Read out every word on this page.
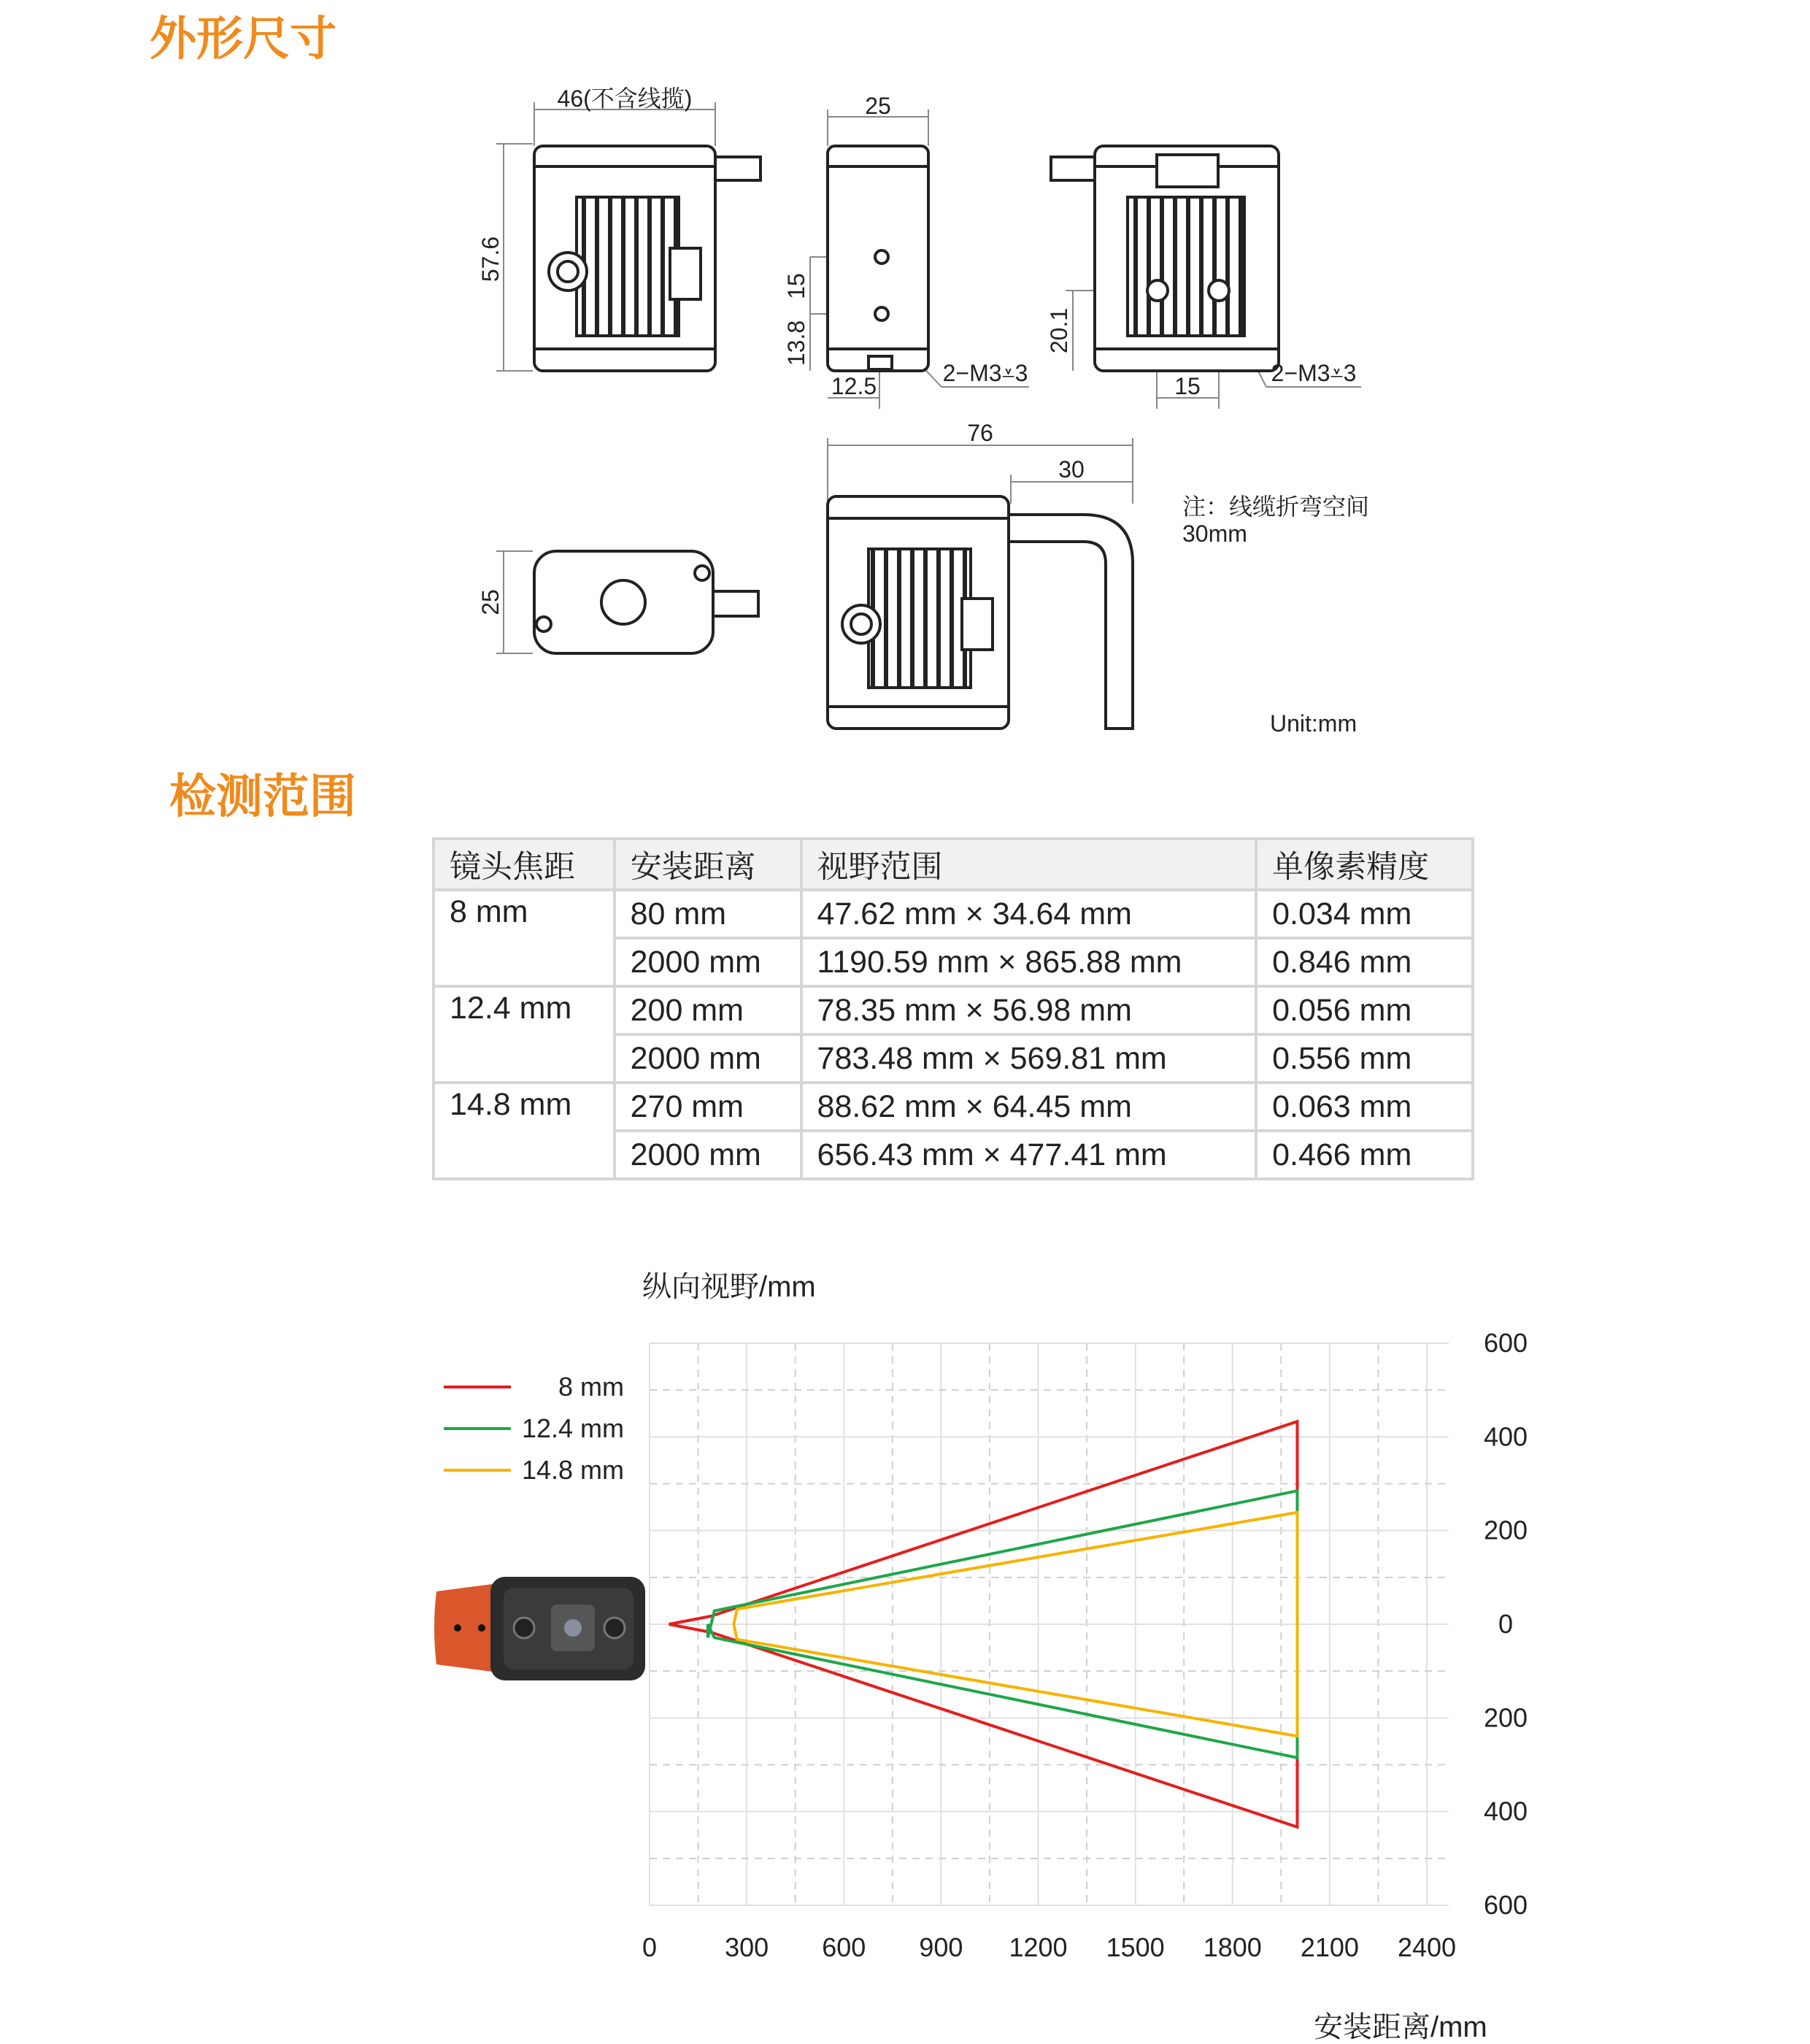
外形尺寸
检测范围
46(不含线揽)
57.6
25
15
13.8
12.5	2−M3⩡3
20.1
15	2−M3⩡3
25
76
30
注：线缆折弯空间
30mm
Unit:mm
镜头焦距	安装距离	视野范围	单像素精度
8 mm	80 mm	47.62 mm × 34.64 mm	0.034 mm
	2000 mm	1190.59 mm × 865.88 mm	0.846 mm
12.4 mm	200 mm	78.35 mm × 56.98 mm	0.056 mm
	2000 mm	783.48 mm × 569.81 mm	0.556 mm
14.8 mm	270 mm	88.62 mm × 64.45 mm	0.063 mm
	2000 mm	656.43 mm × 477.41 mm	0.466 mm
0	300 600 900 1200 1500 1800 2100 2400
600
400
200
0
200
400
600
8 mm
12.4 mm
14.8 mm
纵向视野/mm
安装距离/mm
